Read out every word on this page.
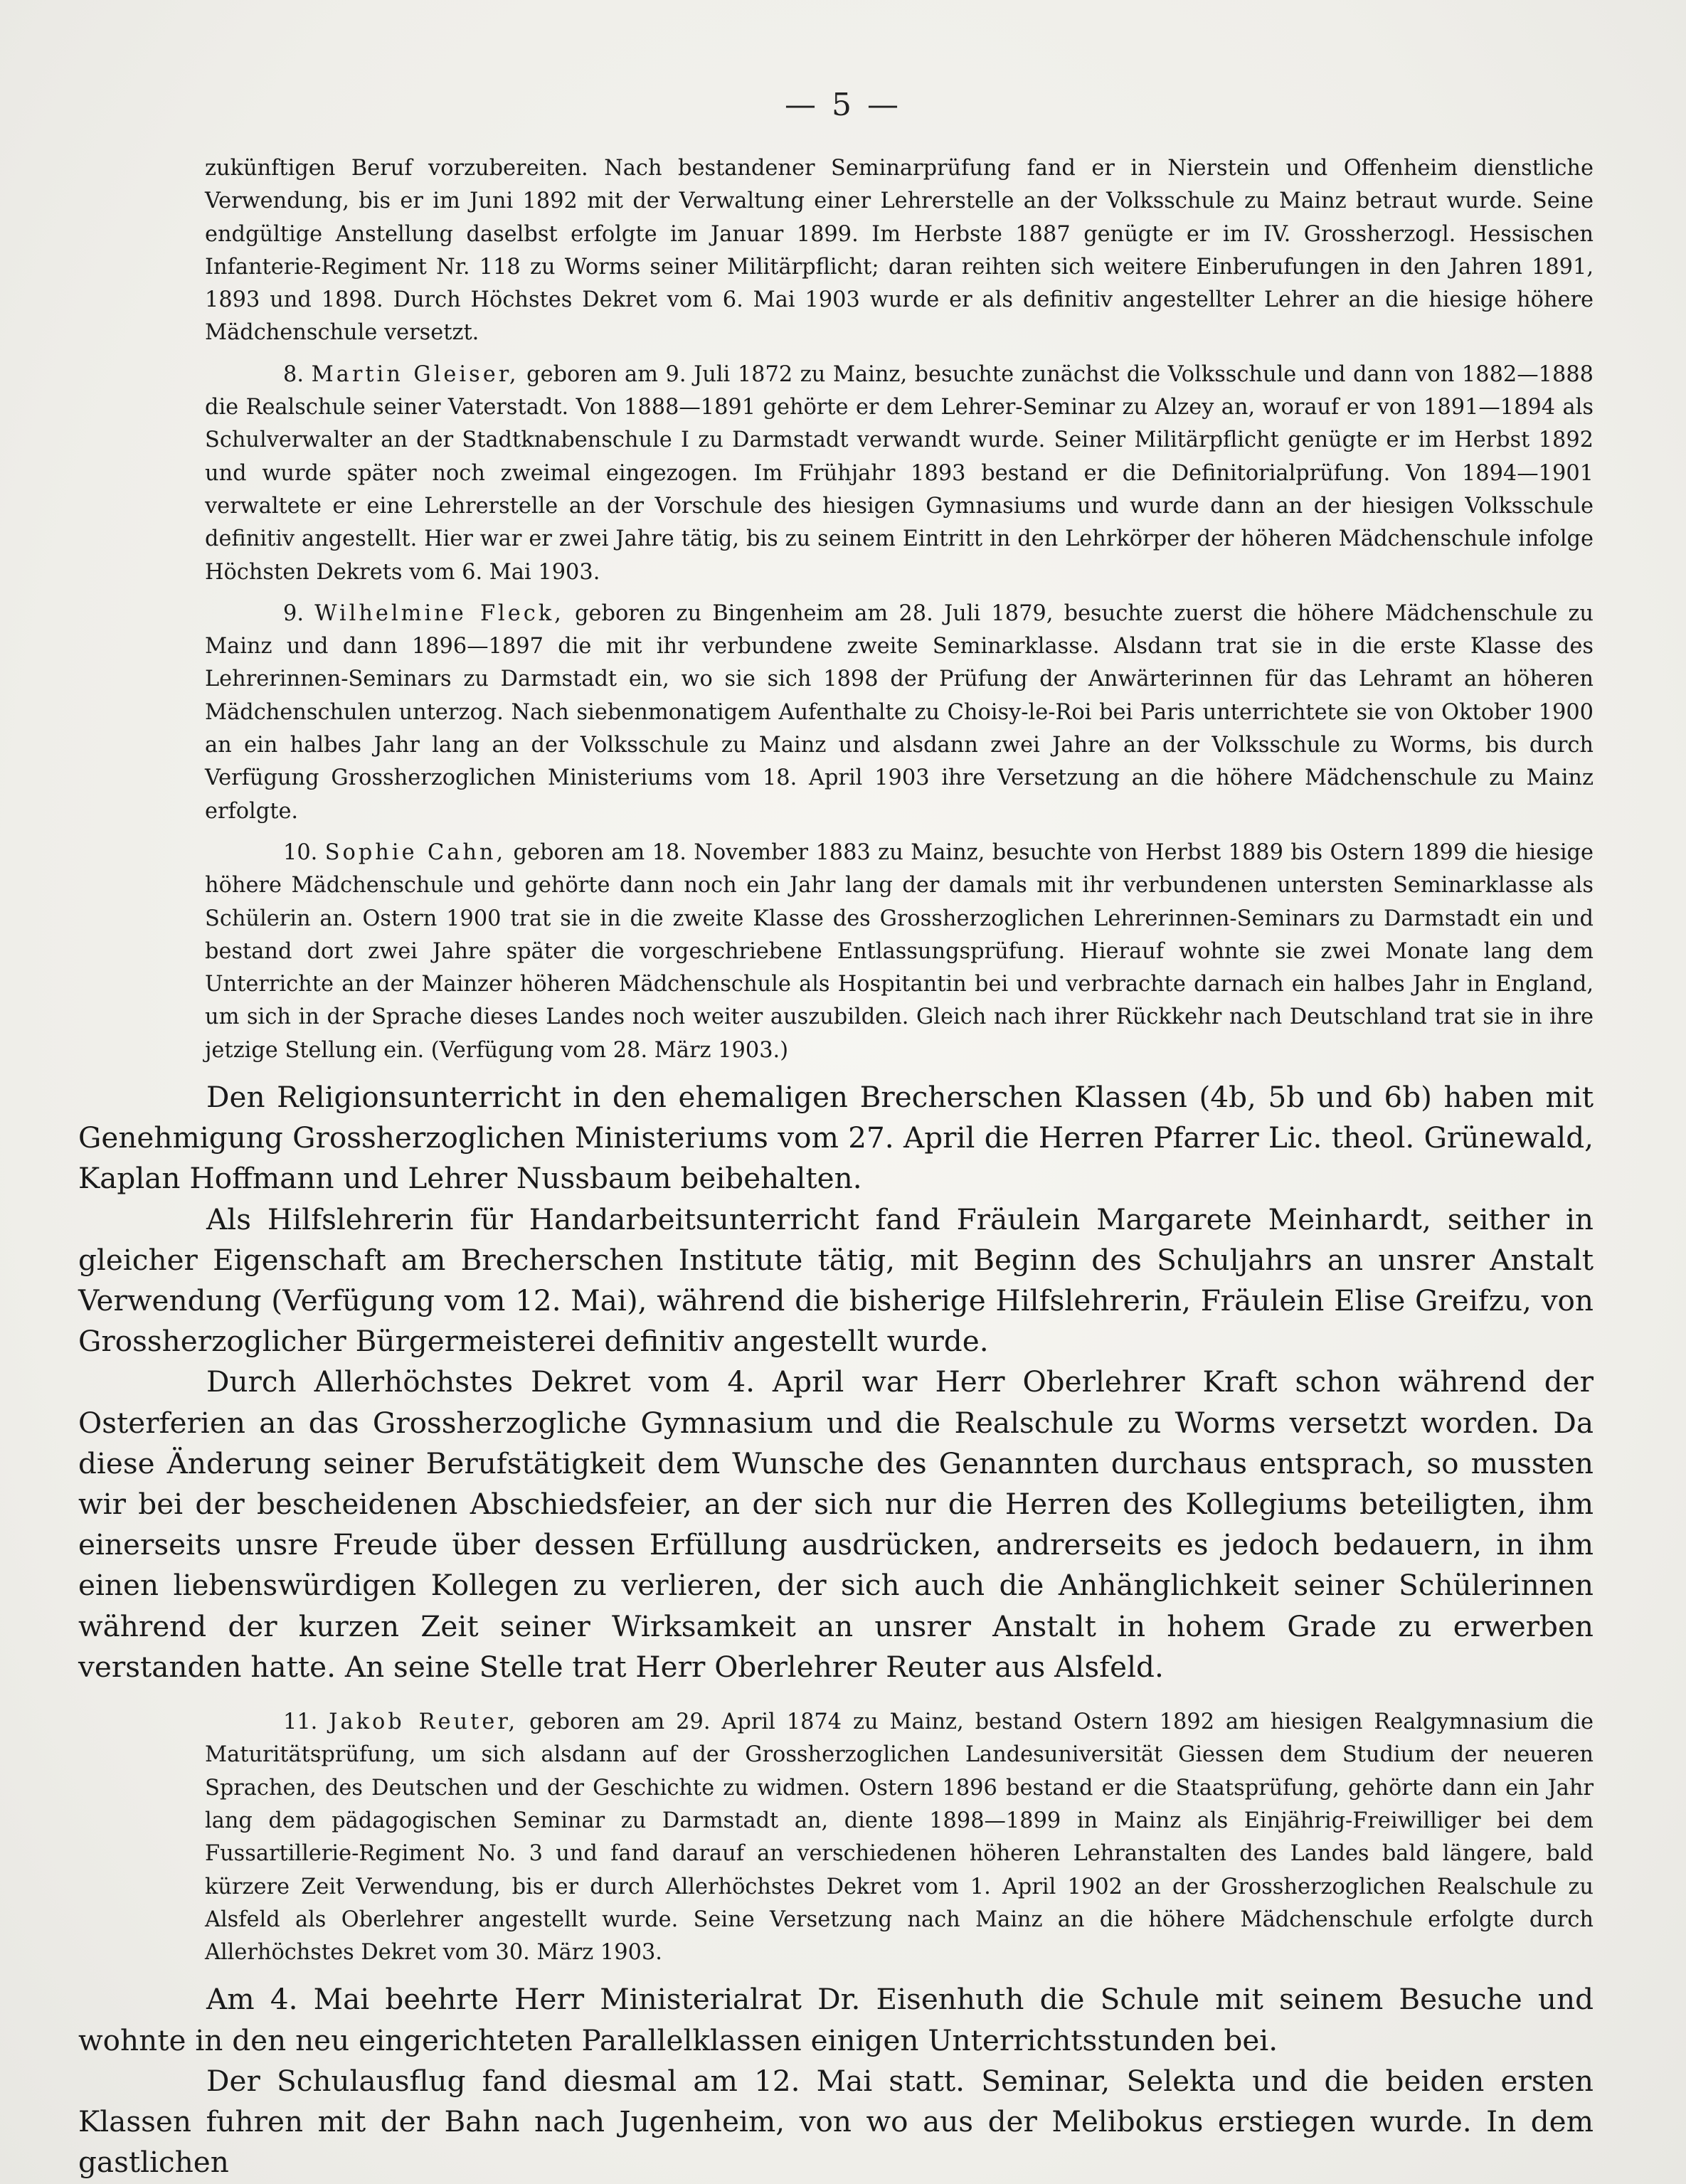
— 5 —

zukünftigen Beruf vorzubereiten. Nach bestandener Seminarprüfung fand er in Nierstein und Offenheim dienstliche Verwendung, bis er im Juni 1892 mit der Verwaltung einer Lehrerstelle an der Volksschule zu Mainz betraut wurde. Seine endgültige Anstellung daselbst erfolgte im Januar 1899. Im Herbste 1887 genügte er im IV. Grossherzogl. Hessischen Infanterie-Regiment Nr. 118 zu Worms seiner Militärpflicht; daran reihten sich weitere Einberufungen in den Jahren 1891, 1893 und 1898. Durch Höchstes Dekret vom 6. Mai 1903 wurde er als definitiv angestellter Lehrer an die hiesige höhere Mädchenschule versetzt.

8. Martin Gleiser, geboren am 9. Juli 1872 zu Mainz, besuchte zunächst die Volksschule und dann von 1882—1888 die Realschule seiner Vaterstadt. Von 1888—1891 gehörte er dem Lehrer-Seminar zu Alzey an, worauf er von 1891—1894 als Schulverwalter an der Stadtknabenschule I zu Darmstadt verwandt wurde. Seiner Militärpflicht genügte er im Herbst 1892 und wurde später noch zweimal eingezogen. Im Frühjahr 1893 bestand er die Definitorialprüfung. Von 1894—1901 verwaltete er eine Lehrerstelle an der Vorschule des hiesigen Gymnasiums und wurde dann an der hiesigen Volksschule definitiv angestellt. Hier war er zwei Jahre tätig, bis zu seinem Eintritt in den Lehrkörper der höheren Mädchenschule infolge Höchsten Dekrets vom 6. Mai 1903.

9. Wilhelmine Fleck, geboren zu Bingenheim am 28. Juli 1879, besuchte zuerst die höhere Mädchenschule zu Mainz und dann 1896—1897 die mit ihr verbundene zweite Seminarklasse. Alsdann trat sie in die erste Klasse des Lehrerinnen-Seminars zu Darmstadt ein, wo sie sich 1898 der Prüfung der Anwärterinnen für das Lehramt an höheren Mädchenschulen unterzog. Nach siebenmonatigem Aufenthalte zu Choisy-le-Roi bei Paris unterrichtete sie von Oktober 1900 an ein halbes Jahr lang an der Volksschule zu Mainz und alsdann zwei Jahre an der Volksschule zu Worms, bis durch Verfügung Grossherzoglichen Ministeriums vom 18. April 1903 ihre Versetzung an die höhere Mädchenschule zu Mainz erfolgte.

10. Sophie Cahn, geboren am 18. November 1883 zu Mainz, besuchte von Herbst 1889 bis Ostern 1899 die hiesige höhere Mädchenschule und gehörte dann noch ein Jahr lang der damals mit ihr verbundenen untersten Seminarklasse als Schülerin an. Ostern 1900 trat sie in die zweite Klasse des Grossherzoglichen Lehrerinnen-Seminars zu Darmstadt ein und bestand dort zwei Jahre später die vorgeschriebene Entlassungsprüfung. Hierauf wohnte sie zwei Monate lang dem Unterrichte an der Mainzer höheren Mädchenschule als Hospitantin bei und verbrachte darnach ein halbes Jahr in England, um sich in der Sprache dieses Landes noch weiter auszubilden. Gleich nach ihrer Rückkehr nach Deutschland trat sie in ihre jetzige Stellung ein. (Verfügung vom 28. März 1903.)

Den Religionsunterricht in den ehemaligen Brecherschen Klassen (4b, 5b und 6b) haben mit Genehmigung Grossherzoglichen Ministeriums vom 27. April die Herren Pfarrer Lic. theol. Grünewald, Kaplan Hoffmann und Lehrer Nussbaum beibehalten.

Als Hilfslehrerin für Handarbeitsunterricht fand Fräulein Margarete Meinhardt, seither in gleicher Eigenschaft am Brecherschen Institute tätig, mit Beginn des Schuljahrs an unsrer Anstalt Verwendung (Verfügung vom 12. Mai), während die bisherige Hilfslehrerin, Fräulein Elise Greifzu, von Grossherzoglicher Bürgermeisterei definitiv angestellt wurde.

Durch Allerhöchstes Dekret vom 4. April war Herr Oberlehrer Kraft schon während der Osterferien an das Grossherzogliche Gymnasium und die Realschule zu Worms versetzt worden. Da diese Änderung seiner Berufstätigkeit dem Wunsche des Genannten durchaus entsprach, so mussten wir bei der bescheidenen Abschiedsfeier, an der sich nur die Herren des Kollegiums beteiligten, ihm einerseits unsre Freude über dessen Erfüllung ausdrücken, andrerseits es jedoch bedauern, in ihm einen liebenswürdigen Kollegen zu verlieren, der sich auch die Anhänglichkeit seiner Schülerinnen während der kurzen Zeit seiner Wirksamkeit an unsrer Anstalt in hohem Grade zu erwerben verstanden hatte. An seine Stelle trat Herr Oberlehrer Reuter aus Alsfeld.

11. Jakob Reuter, geboren am 29. April 1874 zu Mainz, bestand Ostern 1892 am hiesigen Realgymnasium die Maturitätsprüfung, um sich alsdann auf der Grossherzoglichen Landesuniversität Giessen dem Studium der neueren Sprachen, des Deutschen und der Geschichte zu widmen. Ostern 1896 bestand er die Staatsprüfung, gehörte dann ein Jahr lang dem pädagogischen Seminar zu Darmstadt an, diente 1898—1899 in Mainz als Einjährig-Freiwilliger bei dem Fussartillerie-Regiment No. 3 und fand darauf an verschiedenen höheren Lehranstalten des Landes bald längere, bald kürzere Zeit Verwendung, bis er durch Allerhöchstes Dekret vom 1. April 1902 an der Grossherzoglichen Realschule zu Alsfeld als Oberlehrer angestellt wurde. Seine Versetzung nach Mainz an die höhere Mädchenschule erfolgte durch Allerhöchstes Dekret vom 30. März 1903.

Am 4. Mai beehrte Herr Ministerialrat Dr. Eisenhuth die Schule mit seinem Besuche und wohnte in den neu eingerichteten Parallelklassen einigen Unterrichtsstunden bei.

Der Schulausflug fand diesmal am 12. Mai statt. Seminar, Selekta und die beiden ersten Klassen fuhren mit der Bahn nach Jugenheim, von wo aus der Melibokus erstiegen wurde. In dem gastlichen
